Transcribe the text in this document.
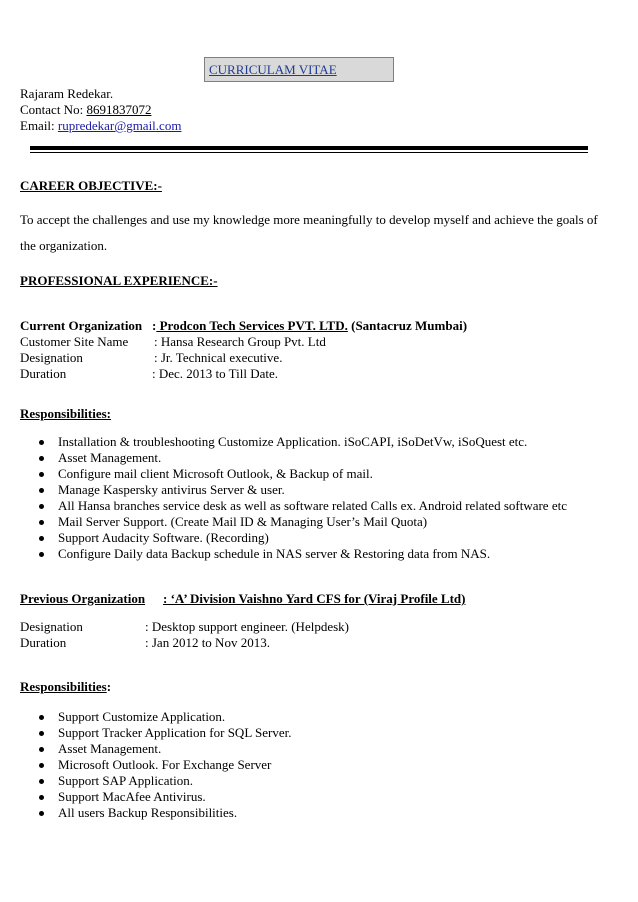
CURRICULAM VITAE
Rajaram Redekar.
Contact No: 8691837072
Email: rupredekar@gmail.com
CAREER OBJECTIVE:-
To accept the challenges and use my knowledge more meaningfully to develop myself and achieve the goals of the organization.
PROFESSIONAL EXPERIENCE:-
Current Organization : Prodcon Tech Services PVT. LTD. (Santacruz Mumbai)
Customer Site Name : Hansa Research Group Pvt. Ltd
Designation	: Jr. Technical executive.
Duration	: Dec. 2013 to Till Date.
Responsibilities:
Installation & troubleshooting Customize Application. iSoCAPI, iSoDetVw, iSoQuest etc.
Asset Management.
Configure mail client Microsoft Outlook, & Backup of mail.
Manage Kaspersky antivirus Server & user.
All Hansa branches service desk as well as software related Calls ex. Android related software etc
Mail Server Support. (Create Mail ID & Managing User’s Mail Quota)
Support Audacity Software. (Recording)
Configure Daily data Backup schedule in NAS server & Restoring data from NAS.
Previous Organization : ‘A’ Division Vaishno Yard CFS for (Viraj Profile Ltd)
Designation	: Desktop support engineer. (Helpdesk)
Duration	: Jan 2012 to Nov 2013.
Responsibilities:
Support Customize Application.
Support Tracker Application for SQL Server.
Asset Management.
Microsoft Outlook. For Exchange Server
Support SAP Application.
Support MacAfee Antivirus.
All users Backup Responsibilities.
